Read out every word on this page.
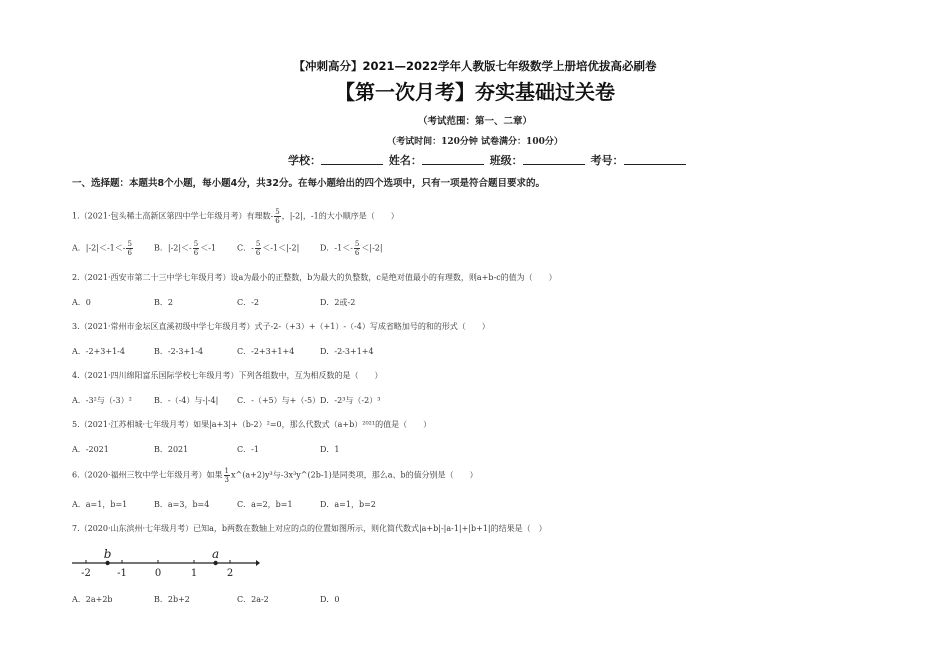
【冲刺高分】2021—2022学年人教版七年级数学上册培优拔高必刷卷
【第一次月考】夯实基础过关卷
（考试范围：第一、二章）
（考试时间：120分钟 试卷满分：100分）
学校：	姓名：	班级：	考号：
一、选择题：本题共8个小题，每小题4分，共32分。在每小题给出的四个选项中，只有一项是符合题目要求的。
1.（2021·包头稀土高新区第四中学七年级月考）有理数- $\frac{5}{6}$ ，|-2|，-1的大小顺序是（　　）
A．$|-2|<-1<- \frac{5}{6}$	B．$|-2|<- \frac{5}{6} <-1$	C．- $\frac{5}{6} <-1<|-2|$	D．$-1<- \frac{5}{6} <|-2|$
2.（2021·西安市第二十三中学七年级月考）设a为最小的正整数，b为最大的负整数，c是绝对值最小的有理数，则a+b-c的值为（　　）
A．0	B．2	C．-2	D．2或-2
3.（2021·常州市金坛区直溪初级中学七年级月考）式子-2-（+3）+（+1）-（-4）写成省略加号的和的形式（　　）
A．-2+3+1-4	B．-2-3+1-4	C．-2+3+1+4	D．-2-3+1+4
4.（2021·四川绵阳富乐国际学校七年级月考）下列各组数中，互为相反数的是（　　）
A．-3²与（-3）²	B．-（-4）与-|-4| C．-（+5）与+（-5） D．-2³与（-2）³
5.（2021·江苏相城·七年级月考）如果|a+3|+（b-2）²=0，那么代数式（a+b）²⁰²¹的值是（　　）
A．-2021	B．2021	C．-1	D．1
6.（2020·福州三牧中学七年级月考）如果 $\frac{1}{3}$ x^(a+2)y³与-3x³y^(2b-1)是同类项，那么a、b的值分别是（　　）
A．a=1，b=1	B．a=3，b=4	C．a=2，b=1	D．a=1，b=2
7.（2020·山东滨州·七年级月考）已知a，b两数在数轴上对应的点的位置如图所示，则化简代数式|a+b|-|a-1|+|b+1|的结果是（　）
-2	-1	0	1	2
b	a
A．2a+2b	B．2b+2	C．2a-2	D．0
